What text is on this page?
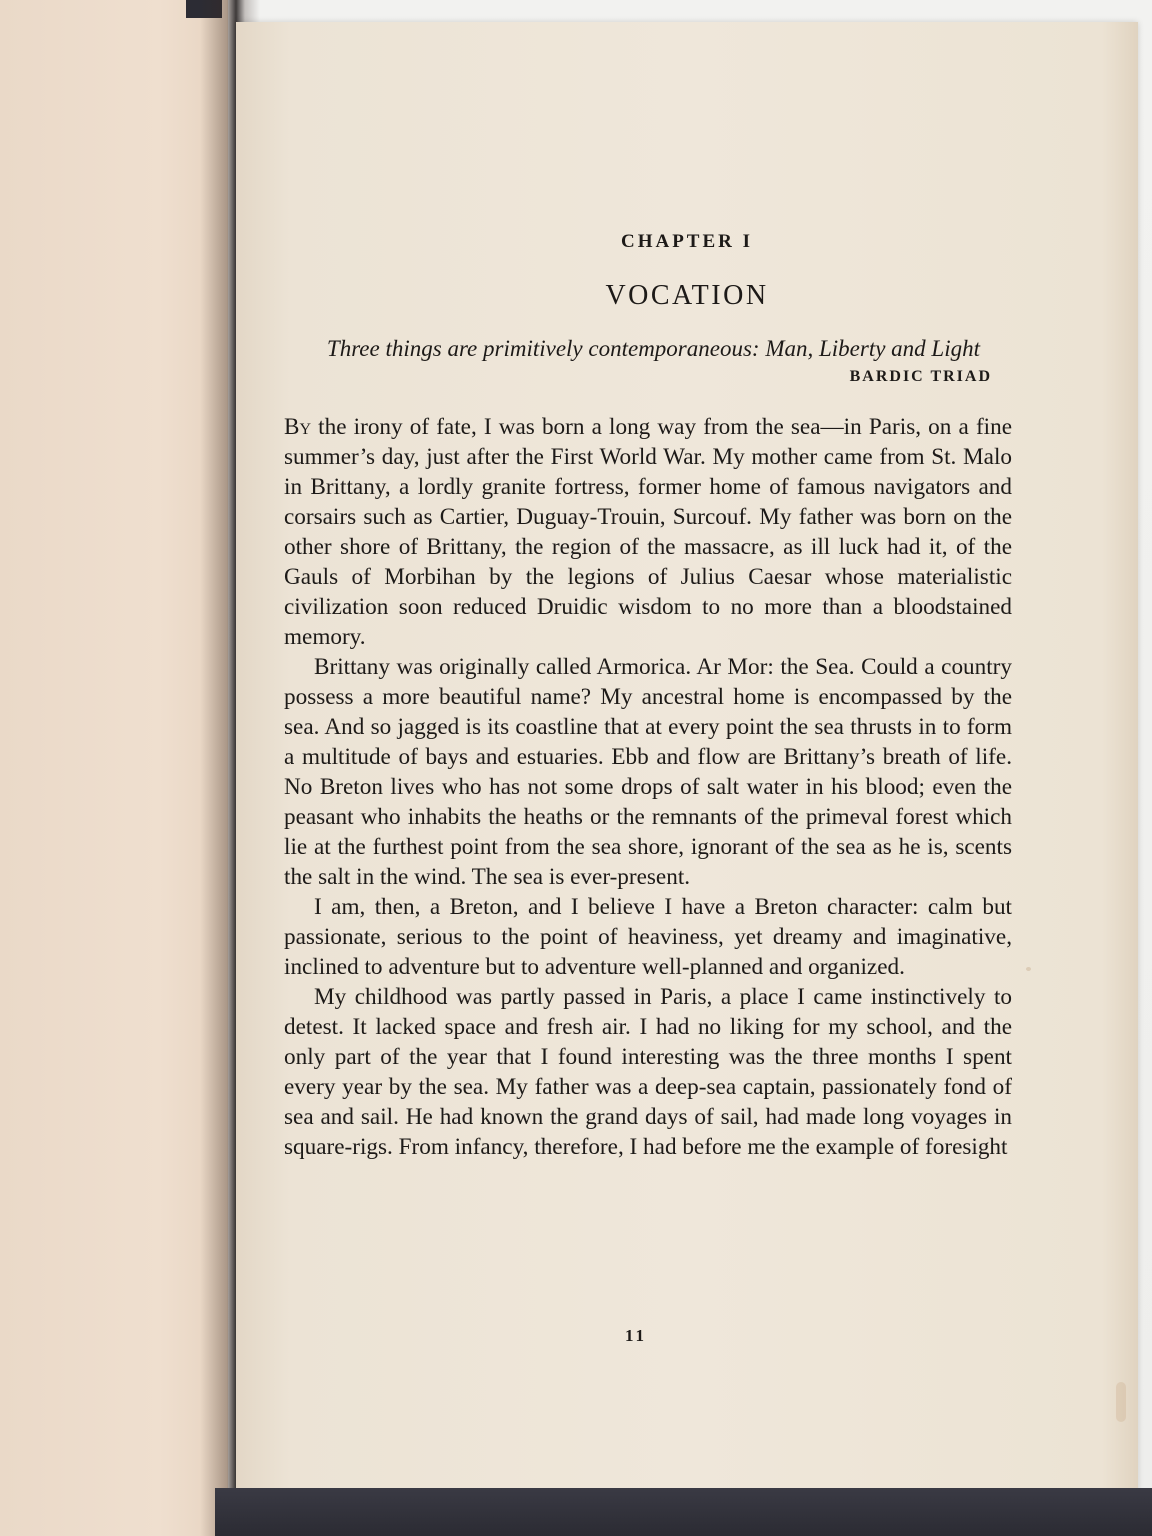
CHAPTER I
VOCATION
Three things are primitively contemporaneous: Man, Liberty and Light
BARDIC TRIAD

By the irony of fate, I was born a long way from the sea—in Paris, on a fine summer’s day, just after the First World War. My mother came from St. Malo in Brittany, a lordly granite fortress, former home of famous navigators and corsairs such as Cartier, Duguay-Trouin, Surcouf. My father was born on the other shore of Brittany, the region of the massacre, as ill luck had it, of the Gauls of Morbihan by the legions of Julius Caesar whose materialistic civilization soon reduced Druidic wisdom to no more than a bloodstained memory.

Brittany was originally called Armorica. Ar Mor: the Sea. Could a country possess a more beautiful name? My ancestral home is encompassed by the sea. And so jagged is its coastline that at every point the sea thrusts in to form a multitude of bays and estuaries. Ebb and flow are Brittany’s breath of life. No Breton lives who has not some drops of salt water in his blood; even the peasant who inhabits the heaths or the remnants of the primeval forest which lie at the furthest point from the sea shore, ignorant of the sea as he is, scents the salt in the wind. The sea is ever-present.

I am, then, a Breton, and I believe I have a Breton character: calm but passionate, serious to the point of heaviness, yet dreamy and imaginative, inclined to adventure but to adventure well-planned and organized.

My childhood was partly passed in Paris, a place I came instinctively to detest. It lacked space and fresh air. I had no liking for my school, and the only part of the year that I found interesting was the three months I spent every year by the sea. My father was a deep-sea captain, passionately fond of sea and sail. He had known the grand days of sail, had made long voyages in square-rigs. From infancy, therefore, I had before me the example of foresight

11
